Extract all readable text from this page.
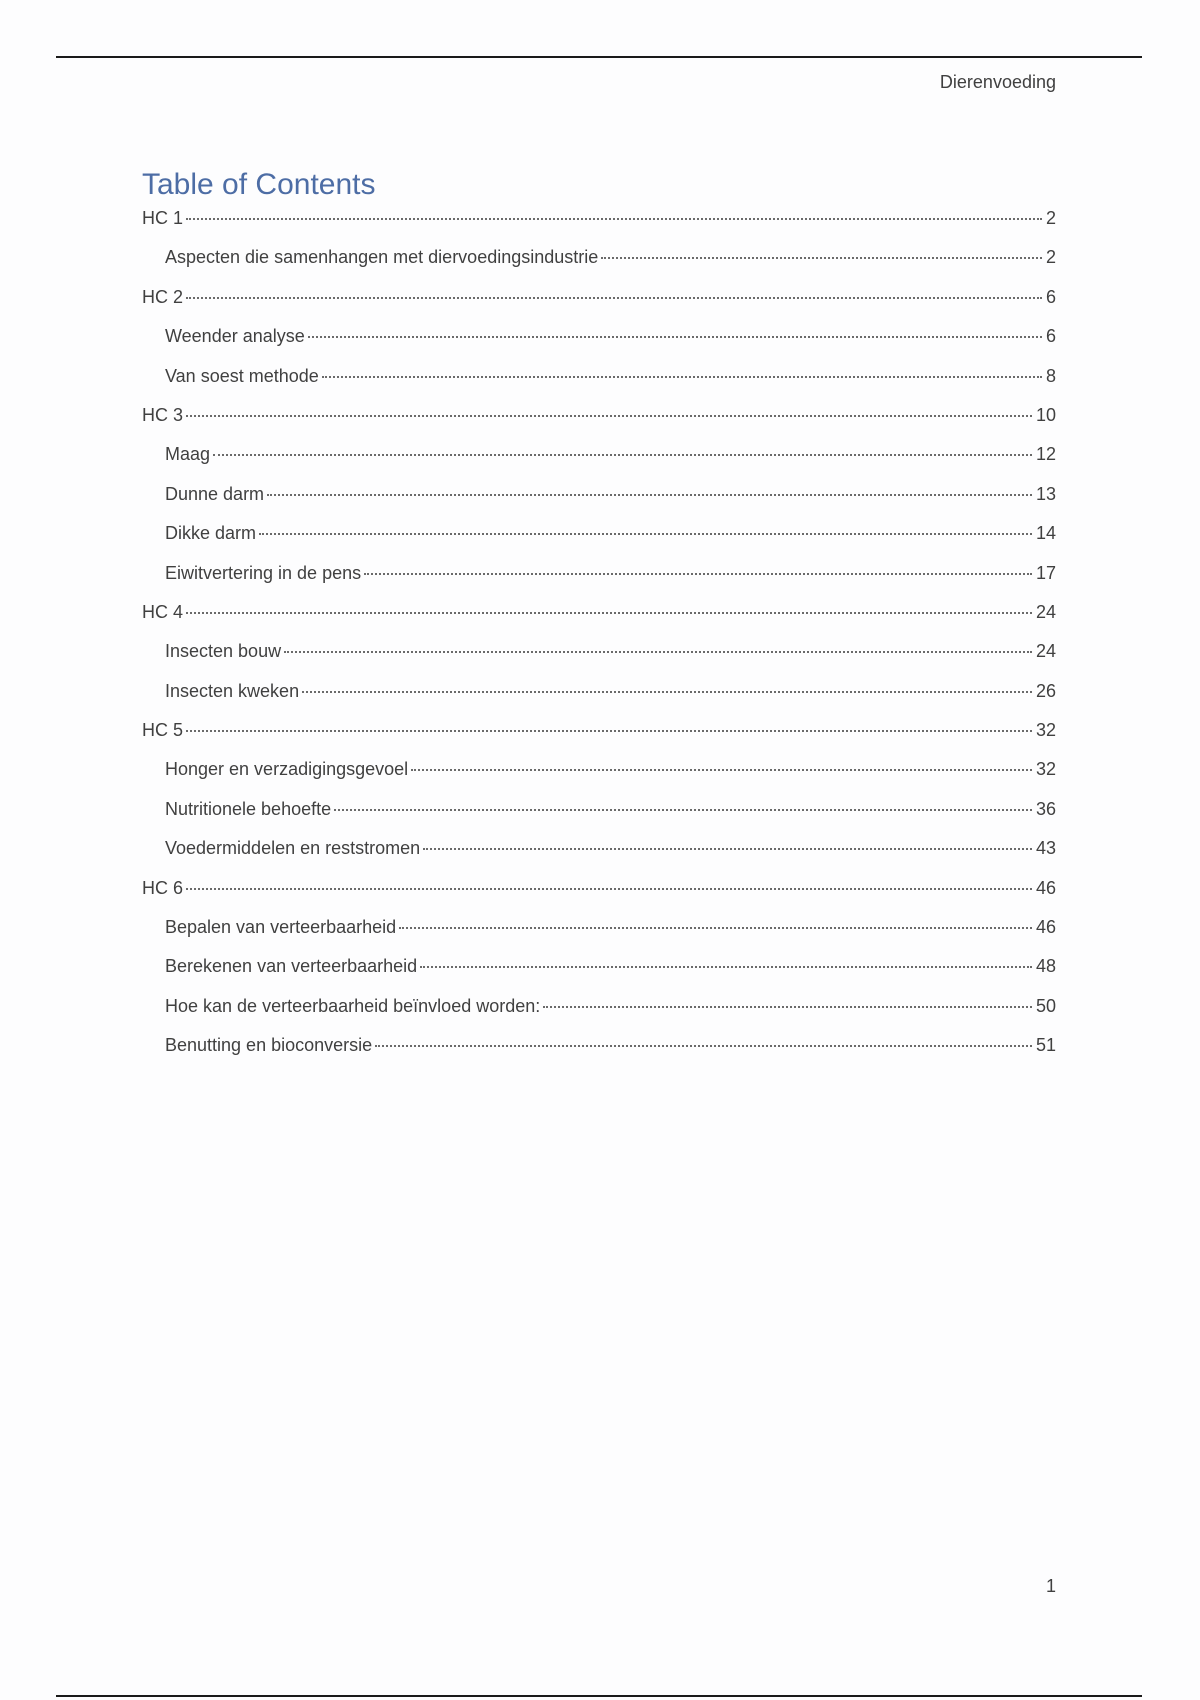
Dierenvoeding
Table of Contents
HC 1	2
Aspecten die samenhangen met diervoedingsindustrie	2
HC 2	6
Weender analyse	6
Van soest methode	8
HC 3	10
Maag	12
Dunne darm	13
Dikke darm	14
Eiwitvertering in de pens	17
HC 4	24
Insecten bouw	24
Insecten kweken	26
HC 5	32
Honger en verzadigingsgevoel	32
Nutritionele behoefte	36
Voedermiddelen en reststromen	43
HC 6	46
Bepalen van verteerbaarheid	46
Berekenen van verteerbaarheid	48
Hoe kan de verteerbaarheid beïnvloed worden:	50
Benutting en bioconversie	51
1
